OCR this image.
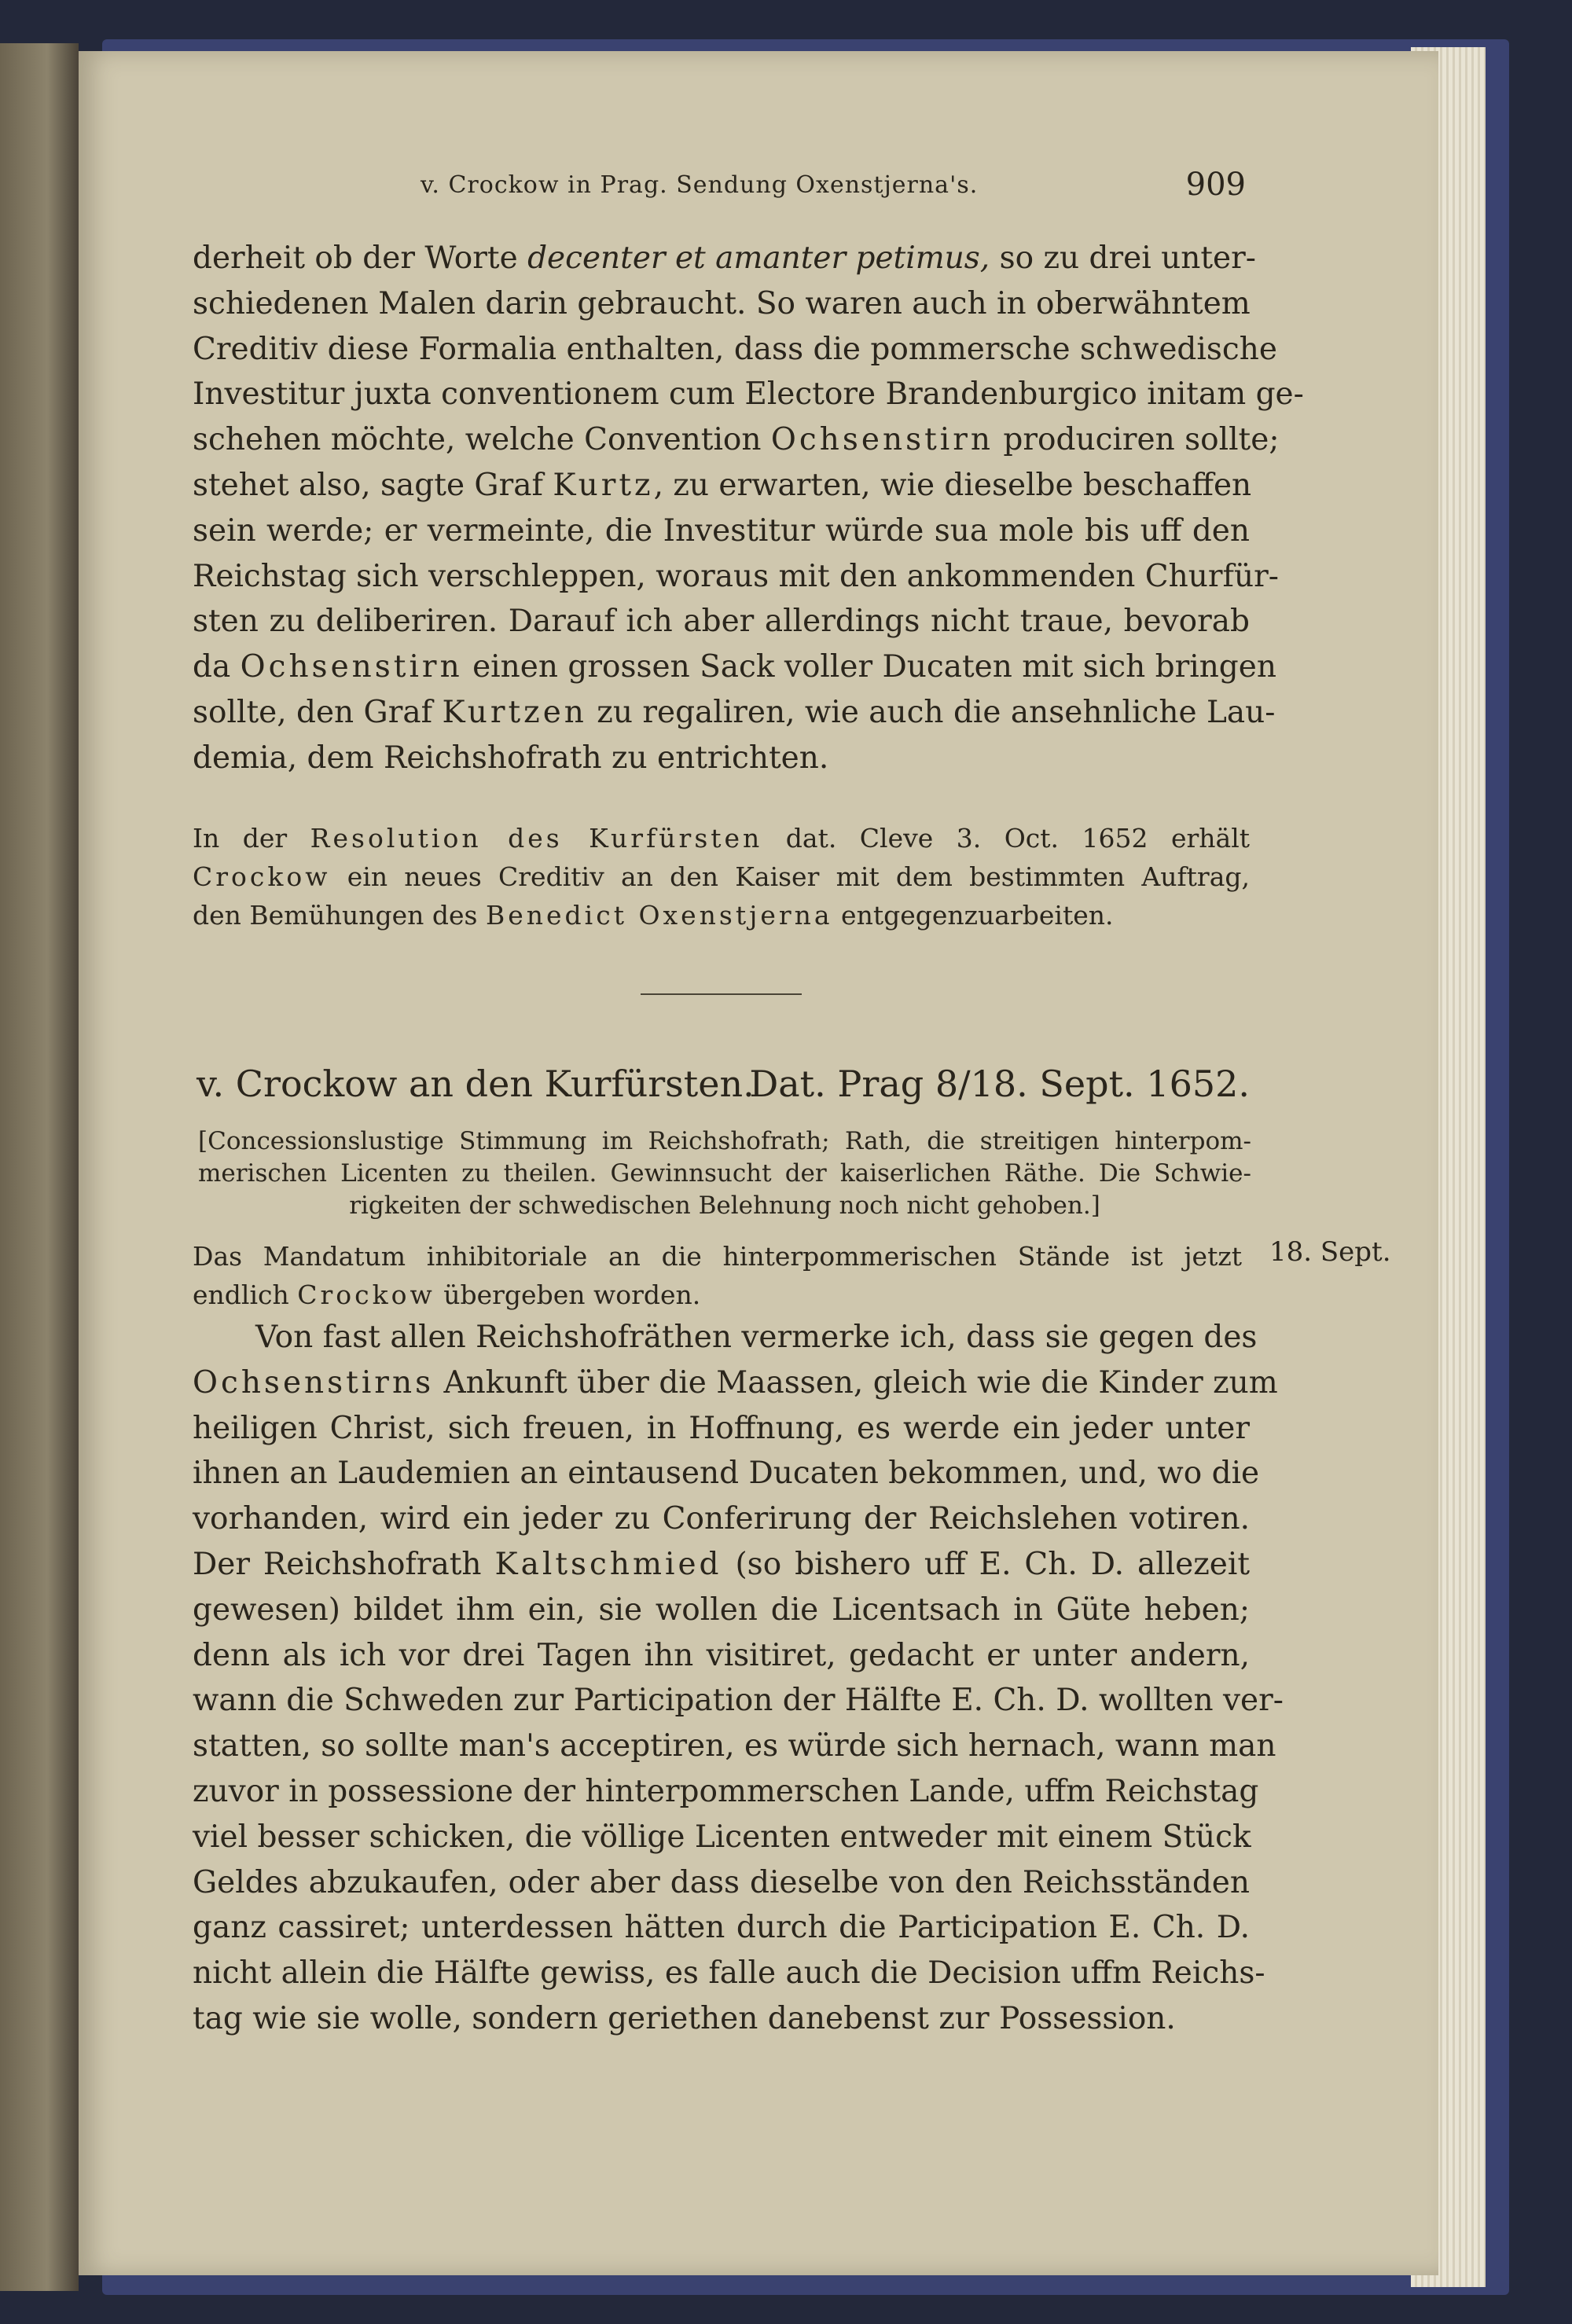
v. Crockow in Prag. Sendung Oxenstjerna's.	909
derheit ob der Worte decenter et amanter petimus, so zu drei unter-
schiedenen Malen darin gebraucht. So waren auch in oberwähntem
Creditiv diese Formalia enthalten, dass die pommersche schwedische
Investitur juxta conventionem cum Electore Brandenburgico initam ge-
schehen möchte, welche Convention Ochsenstirn produciren sollte;
stehet also, sagte Graf Kurtz, zu erwarten, wie dieselbe beschaffen
sein werde; er vermeinte, die Investitur würde sua mole bis uff den
Reichstag sich verschleppen, woraus mit den ankommenden Churfür-
sten zu deliberiren. Darauf ich aber allerdings nicht traue, bevorab
da Ochsenstirn einen grossen Sack voller Ducaten mit sich bringen
sollte, den Graf Kurtzen zu regaliren, wie auch die ansehnliche Lau-
demia, dem Reichshofrath zu entrichten.
In der Resolution des Kurfürsten dat. Cleve 3. Oct. 1652 erhält
Crockow ein neues Creditiv an den Kaiser mit dem bestimmten Auftrag,
den Bemühungen des Benedict Oxenstjerna entgegenzuarbeiten.
v. Crockow an den Kurfürsten.
Dat. Prag 8/18. Sept. 1652.
[Concessionslustige Stimmung im Reichshofrath; Rath, die streitigen hinterpom-
merischen Licenten zu theilen. Gewinnsucht der kaiserlichen Räthe. Die Schwie-
rigkeiten der schwedischen Belehnung noch nicht gehoben.]
18. Sept.
Das Mandatum inhibitoriale an die hinterpommerischen Stände ist jetzt
endlich Crockow übergeben worden.
Von fast allen Reichshofräthen vermerke ich, dass sie gegen des
Ochsenstirns Ankunft über die Maassen, gleich wie die Kinder zum
heiligen Christ, sich freuen, in Hoffnung, es werde ein jeder unter
ihnen an Laudemien an eintausend Ducaten bekommen, und, wo die
vorhanden, wird ein jeder zu Conferirung der Reichslehen votiren.
Der Reichshofrath Kaltschmied (so bishero uff E. Ch. D. allezeit
gewesen) bildet ihm ein, sie wollen die Licentsach in Güte heben;
denn als ich vor drei Tagen ihn visitiret, gedacht er unter andern,
wann die Schweden zur Participation der Hälfte E. Ch. D. wollten ver-
statten, so sollte man's acceptiren, es würde sich hernach, wann man
zuvor in possessione der hinterpommerschen Lande, uffm Reichstag
viel besser schicken, die völlige Licenten entweder mit einem Stück
Geldes abzukaufen, oder aber dass dieselbe von den Reichsständen
ganz cassiret; unterdessen hätten durch die Participation E. Ch. D.
nicht allein die Hälfte gewiss, es falle auch die Decision uffm Reichs-
tag wie sie wolle, sondern geriethen danebenst zur Possession.
